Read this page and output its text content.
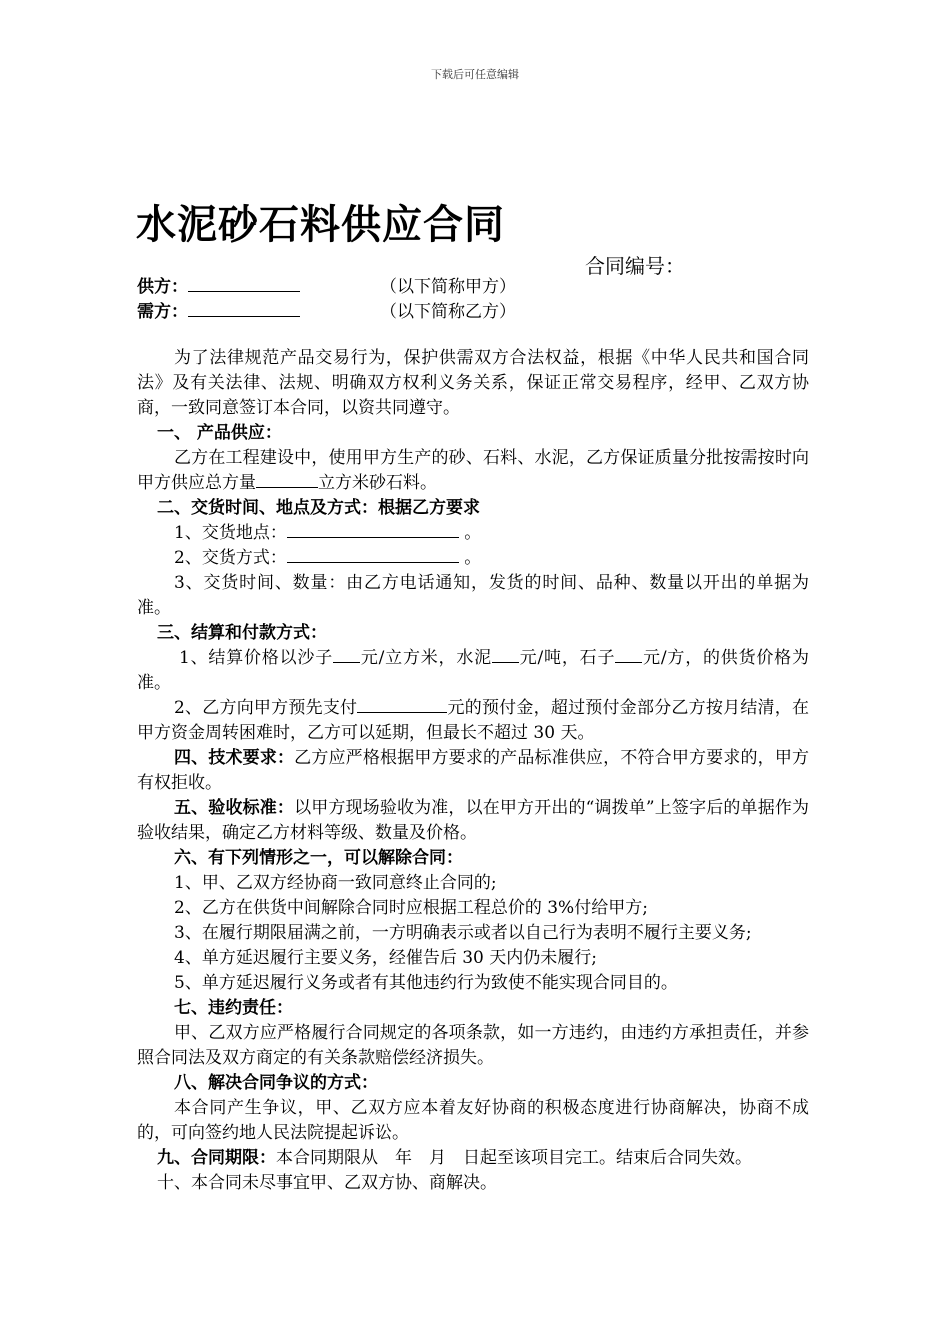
下载后可任意编辑
水泥砂石料供应合同
合同编号：
供方：	（以下简称甲方）
需方：	（以下简称乙方）

为了法律规范产品交易行为，保护供需双方合法权益，根据《中华人民共和国合同法》及有关法律、法规、明确双方权利义务关系，保证正常交易程序，经甲、乙双方协商，一致同意签订本合同，以资共同遵守。

一、 产品供应：

乙方在工程建设中，使用甲方生产的砂、石料、水泥，乙方保证质量分批按需按时向甲方供应总方量	立方米砂石料。

二、交货时间、地点及方式：根据乙方要求

1、交货地点：	。

2、交货方式：	。

3、交货时间、数量：由乙方电话通知，发货的时间、品种、数量以开出的单据为准。

三、结算和付款方式：

1、结算价格以沙子 元/立方米，水泥 元/吨，石子 元/方，的供货价格为准。

2、乙方向甲方预先支付	元的预付金，超过预付金部分乙方按月结清，在甲方资金周转困难时，乙方可以延期，但最长不超过 30 天。

四、技术要求：乙方应严格根据甲方要求的产品标准供应，不符合甲方要求的，甲方有权拒收。

五、验收标准：以甲方现场验收为准，以在甲方开出的“调拨单”上签字后的单据作为验收结果，确定乙方材料等级、数量及价格。

六、有下列情形之一，可以解除合同：

1、甲、乙双方经协商一致同意终止合同的;

2、乙方在供货中间解除合同时应根据工程总价的 3%付给甲方;

3、在履行期限届满之前，一方明确表示或者以自己行为表明不履行主要义务;

4、单方延迟履行主要义务，经催告后 30 天内仍未履行;

5、单方延迟履行义务或者有其他违约行为致使不能实现合同目的。

七、违约责任：

甲、乙双方应严格履行合同规定的各项条款，如一方违约，由违约方承担责任，并参照合同法及双方商定的有关条款赔偿经济损失。

八、解决合同争议的方式：

本合同产生争议，甲、乙双方应本着友好协商的积极态度进行协商解决，协商不成的，可向签约地人民法院提起诉讼。

九、合同期限：本合同期限从　年　月　日起至该项目完工。结束后合同失效。

十、本合同未尽事宜甲、乙双方协、商解决。
